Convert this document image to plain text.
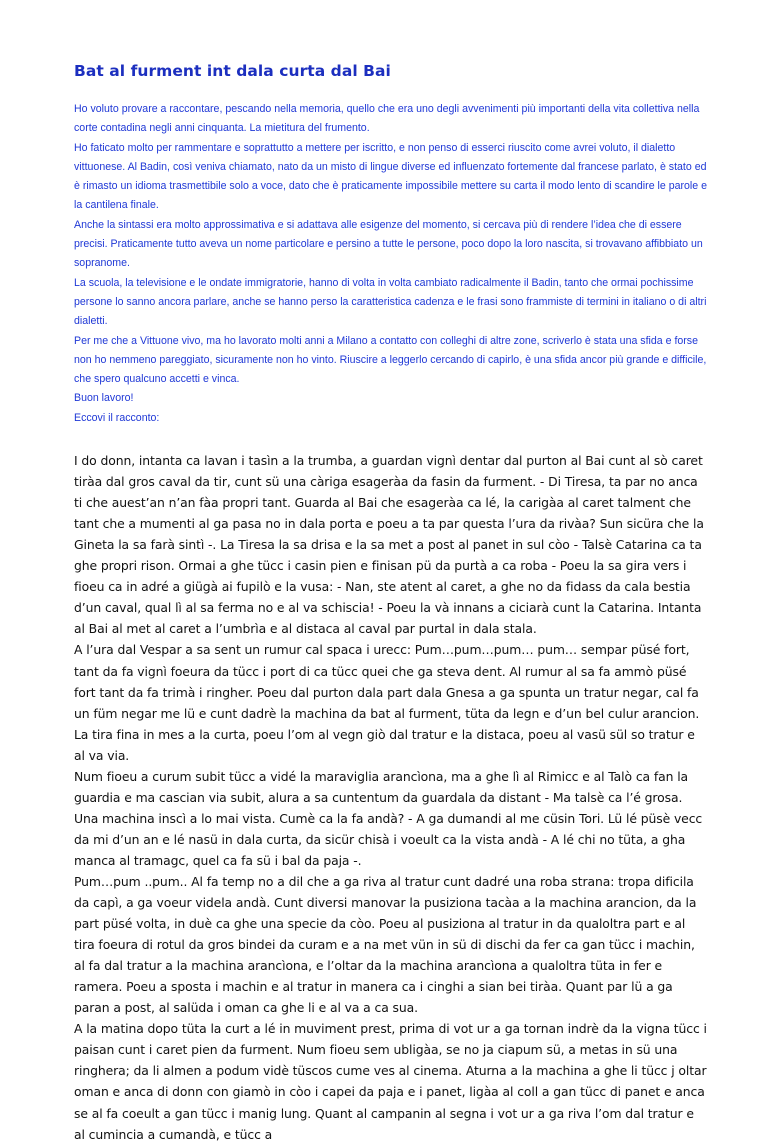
Bat al furment int dala curta dal Bai

Ho voluto provare a raccontare, pescando nella memoria, quello che era uno degli avvenimenti più importanti della vita collettiva nella corte contadina negli anni cinquanta. La mietitura del frumento.

Ho faticato molto per rammentare e soprattutto a mettere per iscritto, e non penso di esserci riuscito come avrei voluto, il dialetto vittuonese. Al Badin, così veniva chiamato, nato da un misto di lingue diverse ed influenzato fortemente dal francese parlato, è stato ed è rimasto un idioma trasmettibile solo a voce, dato che è praticamente impossibile mettere su carta il modo lento di scandire le parole e la cantilena finale.

Anche la sintassi era molto approssimativa e si adattava alle esigenze del momento, si cercava più di rendere l’idea che di essere precisi. Praticamente tutto aveva un nome particolare e persino a tutte le persone, poco dopo la loro nascita, si trovavano affibbiato un sopranome.

La scuola, la televisione e le ondate immigratorie, hanno di volta in volta cambiato radicalmente il Badin, tanto che ormai pochissime persone lo sanno ancora parlare, anche se hanno perso la caratteristica cadenza e le frasi sono frammiste di termini in italiano o di altri dialetti.

Per me che a Vittuone vivo, ma ho lavorato molti anni a Milano a contatto con colleghi di altre zone, scriverlo è stata una sfida e forse non ho nemmeno pareggiato, sicuramente non ho vinto. Riuscire a leggerlo cercando di capirlo, è una sfida ancor più grande e difficile, che spero qualcuno accetti e vinca.

Buon lavoro!

Eccovi il racconto:

I do donn, intanta ca lavan i tasìn a la trumba, a guardan vignì dentar dal purton al Bai cunt al sò caret tiràa dal gros caval da tir, cunt sü una càriga esageràa da fasin da furment. - Di Tiresa, ta par no anca ti che auest’an n’an fàa propri tant. Guarda al Bai che esageràa ca lé, la carigàa al caret talment che tant che a mumenti al ga pasa no in dala porta e poeu a ta par questa l’ura da rivàa? Sun sicüra che la Gineta la sa farà sintì -. La Tiresa la sa drisa e la sa met a post al panet in sul còo - Talsè Catarina ca ta ghe propri rison. Ormai a ghe tücc i casin pien e finisan pü da purtà a ca roba - Poeu la sa gira vers i fioeu ca in adré a giügà ai fupilò e la vusa: - Nan, ste atent al caret, a ghe no da fidass da cala bestia d’un caval, qual lì al sa ferma no e al va schiscia! - Poeu la và innans a ciciarà cunt la Catarina. Intanta al Bai al met al caret a l’umbrìa e al distaca al caval par purtal in dala stala.

A l’ura dal Vespar a sa sent un rumur cal spaca i urecc: Pum…pum…pum… pum… sempar püsé fort, tant da fa vignì foeura da tücc i port di ca tücc quei che ga steva dent. Al rumur al sa fa ammò püsé fort tant da fa trimà i ringher. Poeu dal purton dala part dala Gnesa a ga spunta un tratur negar, cal fa un füm negar me lü e cunt dadrè la machina da bat al furment, tüta da legn e d’un bel culur arancion. La tira fina in mes a la curta, poeu l’om al vegn giò dal tratur e la distaca, poeu al vasü sül so tratur e al va via.

Num fioeu a curum subit tücc a vidé la maraviglia arancìona, ma a ghe lì al Rimicc e al Talò ca fan la guardia e ma cascian via subit, alura a sa cuntentum da guardala da distant - Ma talsè ca l’é grosa. Una machina inscì a lo mai vista. Cumè ca la fa andà? - A ga dumandi al me cüsin Tori. Lü lé püsè vecc da mi d’un an e lé nasü in dala curta, da sicür chisà i voeult ca la vista andà - A lé chi no tüta, a gha manca al tramagc, quel ca fa sü i bal da paja -.

Pum…pum ..pum.. Al fa temp no a dil che a ga riva al tratur cunt dadré una roba strana: tropa dificila da capì, a ga voeur videla andà. Cunt diversi manovar la pusiziona tacàa a la machina arancion, da la part püsé volta, in duè ca ghe una specie da còo. Poeu al pusiziona al tratur in da qualoltra part e al tira foeura di rotul da gros bindei da curam e a na met vün in sü di dischi da fer ca gan tücc i machin, al fa dal tratur a la machina arancìona, e l’oltar da la machina arancìona a qualoltra tüta in fer e ramera. Poeu a sposta i machin e al tratur in manera ca i cinghi a sian bei tiràa. Quant par lü a ga paran a post, al salüda i oman ca ghe li e al va a ca sua.

A la matina dopo tüta la curt a lé in muviment prest, prima di vot ur a ga tornan indrè da la vigna tücc i paisan cunt i caret pien da furment. Num fioeu sem ubligàa, se no ja ciapum sü, a metas in sü una ringhera; da li almen a podum vidè tüscos cume ves al cinema. Aturna a la machina a ghe li tücc j oltar oman e anca di donn con giamò in còo i capei da paja e i panet, ligàa al coll a gan tücc di panet e anca se al fa coeult a gan tücc i manig lung. Quant al campanin al segna i vot ur a ga riva l’om dal tratur e al cumincia a cumandà, e tücc a
